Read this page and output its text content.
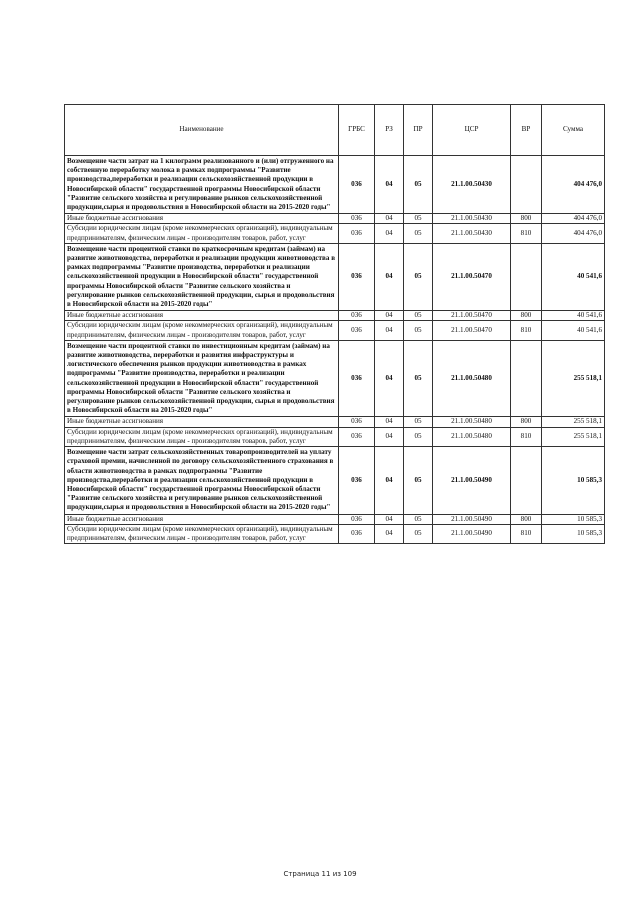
Наименование	ГРБС	РЗ	ПР	ЦСР	ВР	Сумма
Возмещение части затрат на 1 килограмм реализованного и (или) отгруженного на собственную переработку молока в рамках подпрограммы "Развитие производства,переработки и реализации сельскохозяйственной продукции в Новосибирской области" государственной программы Новосибирской области "Развитие сельского хозяйства и регулирование рынков сельскохозяйственной продукции,сырья и продовольствия в Новосибирской области на 2015-2020 годы"	036	04	05	21.1.00.50430		404 476,0
Иные бюджетные ассигнования	036	04	05	21.1.00.50430	800	404 476,0
Субсидии юридическим лицам (кроме некоммерческих организаций), индивидуальным предпринимателям, физическим лицам - производителям товаров, работ, услуг	036	04	05	21.1.00.50430	810	404 476,0
Возмещение части процентной ставки по краткосрочным кредитам (займам) на развитие животноводства, переработки и реализации продукции животноводства в рамках подпрограммы "Развитие производства, переработки и реализации сельскохозяйственной продукции в Новосибирской области" государственной программы Новосибирской области "Развитие сельского хозяйства и регулирование рынков сельскохозяйственной продукции, сырья и продовольствия в Новосибирской области на 2015-2020 годы"	036	04	05	21.1.00.50470		40 541,6
Иные бюджетные ассигнования	036	04	05	21.1.00.50470	800	40 541,6
Субсидии юридическим лицам (кроме некоммерческих организаций), индивидуальным предпринимателям, физическим лицам - производителям товаров, работ, услуг	036	04	05	21.1.00.50470	810	40 541,6
Возмещение части процентной ставки по инвестиционным кредитам (займам) на развитие животноводства, переработки и развития инфраструктуры и логистического обеспечения рынков продукции животноводства в рамках подпрограммы "Развитие производства, переработки и реализации сельскохозяйственной продукции в Новосибирской области" государственной программы Новосибирской области "Развитие сельского хозяйства и регулирование рынков сельскохозяйственной продукции, сырья и продовольствия в Новосибирской области на 2015-2020 годы"	036	04	05	21.1.00.50480		255 518,1
Иные бюджетные ассигнования	036	04	05	21.1.00.50480	800	255 518,1
Субсидии юридическим лицам (кроме некоммерческих организаций), индивидуальным предпринимателям, физическим лицам - производителям товаров, работ, услуг	036	04	05	21.1.00.50480	810	255 518,1
Возмещение части затрат сельскохозяйственных товаропроизводителей на уплату страховой премии, начисленной по договору сельскохозяйственного страхования в области животноводства в рамках подпрограммы "Развитие производства,переработки и реализации сельскохозяйственной продукции в Новосибирской области" государственной программы Новосибирской области "Развитие сельского хозяйства и регулирование рынков сельскохозяйственной продукции,сырья и продовольствия в Новосибирской области на 2015-2020 годы"	036	04	05	21.1.00.50490		10 585,3
Иные бюджетные ассигнования	036	04	05	21.1.00.50490	800	10 585,3
Субсидии юридическим лицам (кроме некоммерческих организаций), индивидуальным предпринимателям, физическим лицам - производителям товаров, работ, услуг	036	04	05	21.1.00.50490	810	10 585,3
Страница 11 из 109
